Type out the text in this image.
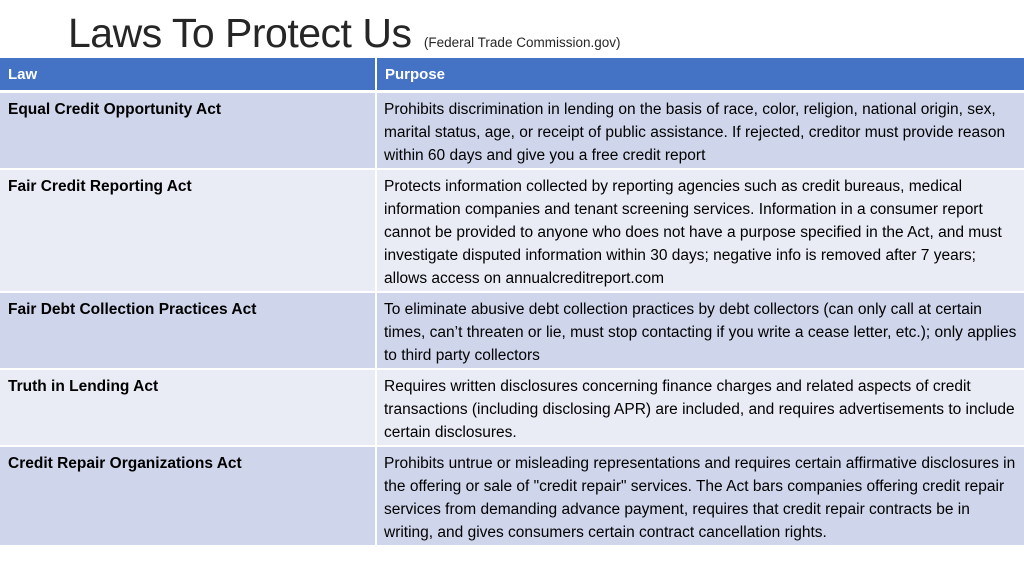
Laws To Protect Us (Federal Trade Commission.gov)
Law	Purpose
Equal Credit Opportunity Act	Prohibits discrimination in lending on the basis of race, color, religion, national origin, sex, marital status, age, or receipt of public assistance. If rejected, creditor must provide reason within 60 days and give you a free credit report
Fair Credit Reporting Act	Protects information collected by reporting agencies such as credit bureaus, medical information companies and tenant screening services. Information in a consumer report cannot be provided to anyone who does not have a purpose specified in the Act, and must investigate disputed information within 30 days; negative info is removed after 7 years; allows access on annualcreditreport.com
Fair Debt Collection Practices Act	To eliminate abusive debt collection practices by debt collectors (can only call at certain times, can’t threaten or lie, must stop contacting if you write a cease letter, etc.); only applies to third party collectors
Truth in Lending Act	Requires written disclosures concerning finance charges and related aspects of credit transactions (including disclosing APR) are included, and requires advertisements to include certain disclosures.
Credit Repair Organizations Act	Prohibits untrue or misleading representations and requires certain affirmative disclosures in the offering or sale of "credit repair" services. The Act bars companies offering credit repair services from demanding advance payment, requires that credit repair contracts be in writing, and gives consumers certain contract cancellation rights.
